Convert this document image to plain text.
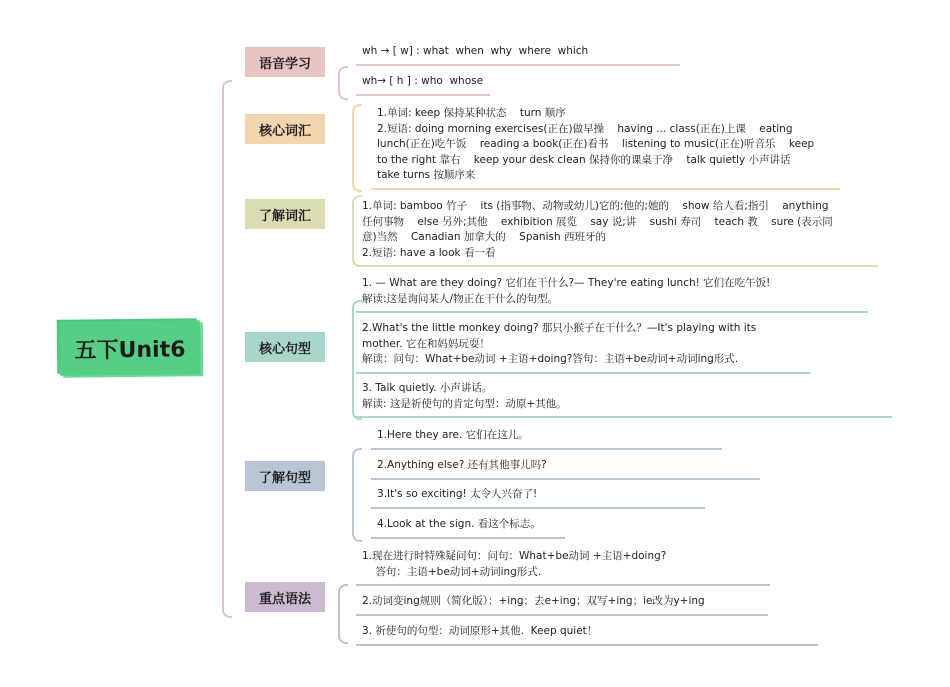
五下Unit6
语音学习
wh → [ w] : what  when  why  where  which
wh→ [ h ] : who  whose
核心词汇
1.单词: keep 保持某种状态    turn 顺序
2.短语: doing morning exercises(正在)做早操    having ... class(正在)上课    eating
lunch(正在)吃午饭    reading a book(正在)看书    listening to music(正在)听音乐    keep
to the right 靠右    keep your desk clean 保持你的课桌干净    talk quietly 小声讲话
take turns 按顺序来
了解词汇
1.单词: bamboo 竹子    its (指事物、动物或幼儿)它的;他的;她的    show 给人看;指引    anything
任何事物    else 另外;其他    exhibition 展览    say 说;讲    sushi 寿司    teach 教    sure (表示同
意)当然    Canadian 加拿大的    Spanish 西班牙的
2.短语: have a look 看一看
核心句型
1. — What are they doing? 它们在干什么?— They're eating lunch! 它们在吃午饭!
解读:这是询问某人/物正在干什么的句型。
2.What's the little monkey doing? 那只小猴子在干什么？—It's playing with its
mother. 它在和妈妈玩耍！
解读：问句：What+be动词 +主语+doing?答句：主语+be动词+动词ing形式.
3. Talk quietly. 小声讲话。
解读: 这是祈使句的肯定句型：动原+其他。
了解句型
1.Here they are. 它们在这儿。
2.Anything else? 还有其他事儿吗?
3.It's so exciting! 太令人兴奋了!
4.Look at the sign. 看这个标志。
重点语法
1.现在进行时特殊疑问句：问句：What+be动词 +主语+doing?
答句：主语+be动词+动词ing形式.
2.动词变ing规则（简化版）：+ing；去e+ing；双写+ing；ie改为y+ing
3. 祈使句的句型：动词原形+其他.  Keep quiet！
